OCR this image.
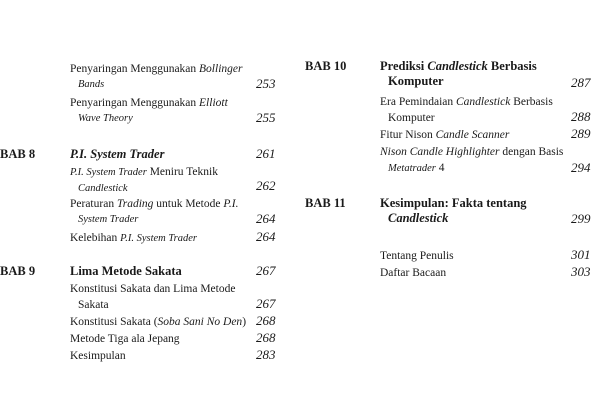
Penyaringan Menggunakan Bollinger
Bands	253
Penyaringan Menggunakan Elliott
Wave Theory	255
BAB 8	P.I. System Trader	261
P.I. System Trader Meniru Teknik
Candlestick	262
Peraturan Trading untuk Metode P.I.
System Trader	264
Kelebihan P.I. System Trader	264
BAB 9	Lima Metode Sakata	267
Konstitusi Sakata dan Lima Metode
Sakata	267
Konstitusi Sakata (Soba Sani No Den) 268
Metode Tiga ala Jepang	268
Kesimpulan	283
BAB 10	Prediksi Candlestick Berbasis
Komputer	287
Era Pemindaian Candlestick Berbasis
Komputer	288
Fitur Nison Candle Scanner	289
Nison Candle Highlighter dengan Basis
Metatrader 4	294
BAB 11	Kesimpulan: Fakta tentang
Candlestick	299
Tentang Penulis	301
Daftar Bacaan	303
